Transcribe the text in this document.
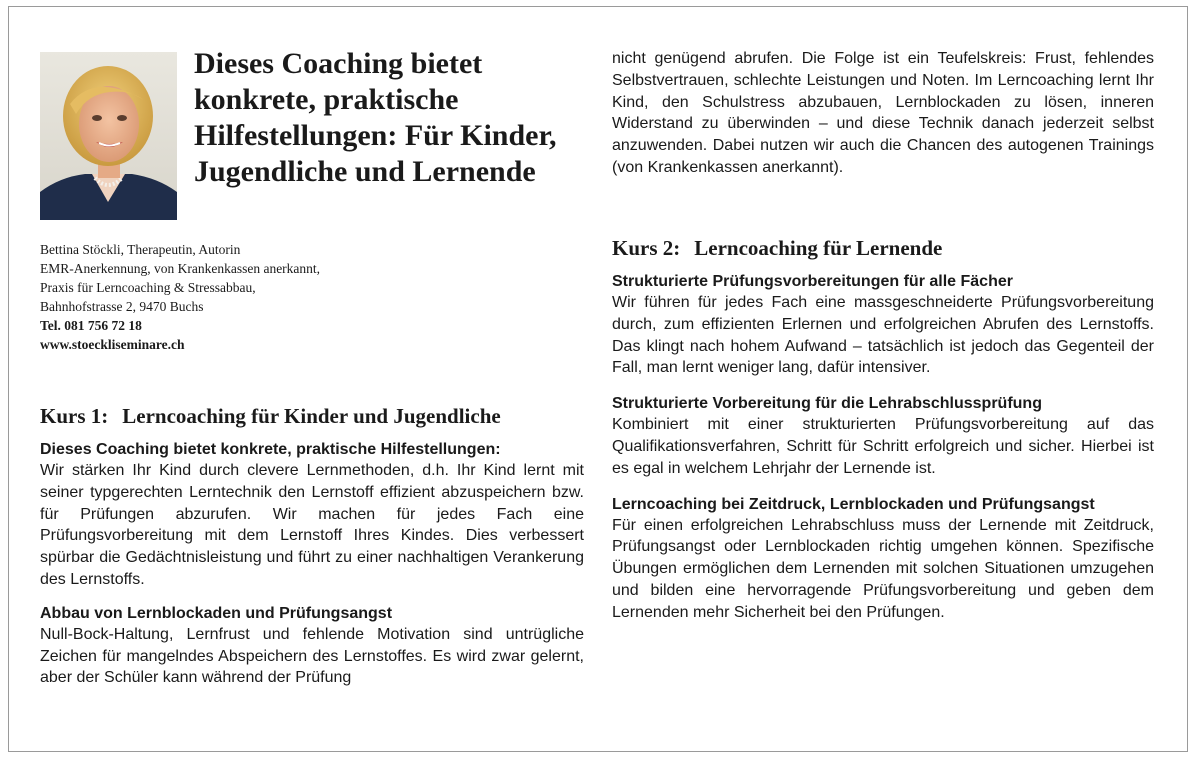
Dieses Coaching bietet konkrete, praktische Hilfestellungen: Für Kinder, Jugendliche und Lernende
Bettina Stöckli, Therapeutin, Autorin
EMR-Anerkennung, von Krankenkassen anerkannt,
Praxis für Lerncoaching & Stressabbau,
Bahnhofstrasse 2, 9470 Buchs
Tel. 081 756 72 18
www.stoeckliseminare.ch
Kurs 1: Lerncoaching für Kinder und Jugendliche

Dieses Coaching bietet konkrete, praktische Hilfestellungen:

Wir stärken Ihr Kind durch clevere Lernmethoden, d.h. Ihr Kind lernt mit seiner typgerechten Lerntechnik den Lernstoff effizient abzuspeichern bzw. für Prüfungen abzurufen. Wir machen für jedes Fach eine Prüfungsvorbereitung mit dem Lernstoff Ihres Kindes. Dies verbessert spürbar die Gedächtnisleistung und führt zu einer nachhaltigen Verankerung des Lernstoffs.

Abbau von Lernblockaden und Prüfungsangst

Null-Bock-Haltung, Lernfrust und fehlende Motivation sind untrügliche Zeichen für mangelndes Abspeichern des Lernstoffes. Es wird zwar gelernt, aber der Schüler kann während der Prüfung

nicht genügend abrufen. Die Folge ist ein Teufelskreis: Frust, fehlendes Selbstvertrauen, schlechte Leistungen und Noten. Im Lerncoaching lernt Ihr Kind, den Schulstress abzubauen, Lernblockaden zu lösen, inneren Widerstand zu überwinden – und diese Technik danach jederzeit selbst anzuwenden. Dabei nutzen wir auch die Chancen des autogenen Trainings (von Krankenkassen anerkannt).

Kurs 2: Lerncoaching für Lernende

Strukturierte Prüfungsvorbereitungen für alle Fächer

Wir führen für jedes Fach eine massgeschneiderte Prüfungsvorbereitung durch, zum effizienten Erlernen und erfolgreichen Abrufen des Lernstoffs. Das klingt nach hohem Aufwand – tatsächlich ist jedoch das Gegenteil der Fall, man lernt weniger lang, dafür intensiver.

Strukturierte Vorbereitung für die Lehrabschlussprüfung

Kombiniert mit einer strukturierten Prüfungsvorbereitung auf das Qualifikationsverfahren, Schritt für Schritt erfolgreich und sicher. Hierbei ist es egal in welchem Lehrjahr der Lernende ist.

Lerncoaching bei Zeitdruck, Lernblockaden und Prüfungsangst

Für einen erfolgreichen Lehrabschluss muss der Lernende mit Zeitdruck, Prüfungsangst oder Lernblockaden richtig umgehen können. Spezifische Übungen ermöglichen dem Lernenden mit solchen Situationen umzugehen und bilden eine hervorragende Prüfungsvorbereitung und geben dem Lernenden mehr Sicherheit bei den Prüfungen.
